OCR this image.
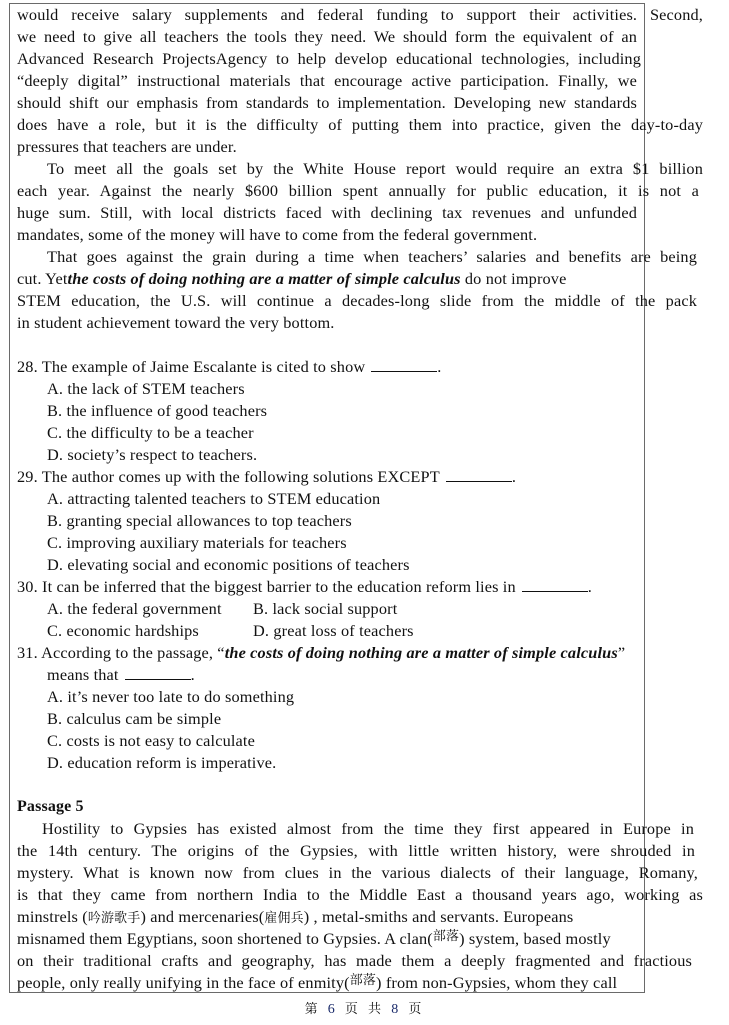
would receive salary supplements and federal funding to support their activities. Second,
we need to give all teachers the tools they need. We should form the equivalent of an
Advanced Research ProjectsAgency to help develop educational technologies, including
“deeply digital” instructional materials that encourage active participation. Finally, we
should shift our emphasis from standards to implementation. Developing new standards
does have a role, but it is the difficulty of putting them into practice, given the day-to-day
pressures that teachers are under.
To meet all the goals set by the White House report would require an extra $1 billion
each year. Against the nearly $600 billion spent annually for public education, it is not a
huge sum. Still, with local districts faced with declining tax revenues and unfunded
mandates, some of the money will have to come from the federal government.
That goes against the grain during a time when teachers’ salaries and benefits are being
cut. Yetthe costs of doing nothing are a matter of simple calculus do not improve
STEM education, the U.S. will continue a decades-long slide from the middle of the pack
in student achievement toward the very bottom.
28. The example of Jaime Escalante is cited to show	.
A. the lack of STEM teachers
B. the influence of good teachers
C. the difficulty to be a teacher
D. society’s respect to teachers.
29. The author comes up with the following solutions EXCEPT	.
A. attracting talented teachers to STEM education
B. granting special allowances to top teachers
C. improving auxiliary materials for teachers
D. elevating social and economic positions of teachers
30. It can be inferred that the biggest barrier to the education reform lies in	.
A. the federal government B. lack social support
C. economic hardships	D. great loss of teachers
31. According to the passage, “the costs of doing nothing are a matter of simple calculus”
means that	.
A. it’s never too late to do something
B. calculus cam be simple
C. costs is not easy to calculate
D. education reform is imperative.
Passage 5
Hostility to Gypsies has existed almost from the time they first appeared in Europe in
the 14th century. The origins of the Gypsies, with little written history, were shrouded in
mystery. What is known now from clues in the various dialects of their language, Romany,
is that they came from northern India to the Middle East a thousand years ago, working as
minstrels (吟游歌手) and mercenaries(雇佣兵) , metal-smiths and servants. Europeans
misnamed them Egyptians, soon shortened to Gypsies. A clan($^{部落}$) system, based mostly
on their traditional crafts and geography, has made them a deeply fragmented and fractious
people, only really unifying in the face of enmity($^{部落}$) from non-Gypsies, whom they call
第 6 页 共 8 页
